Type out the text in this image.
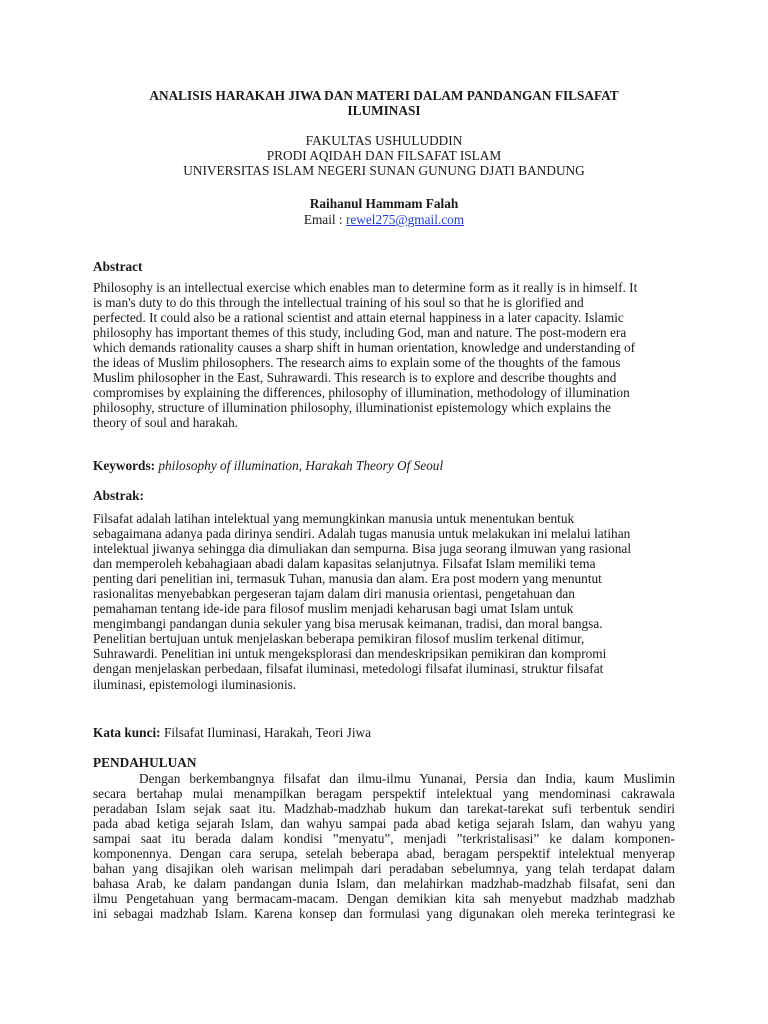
ANALISIS HARAKAH JIWA DAN MATERI DALAM PANDANGAN FILSAFAT
ILUMINASI
FAKULTAS USHULUDDIN
PRODI AQIDAH DAN FILSAFAT ISLAM
UNIVERSITAS ISLAM NEGERI SUNAN GUNUNG DJATI BANDUNG
Raihanul Hammam Falah
Email : rewel275@gmail.com
Abstract
Philosophy is an intellectual exercise which enables man to determine form as it really is in himself. It
is man's duty to do this through the intellectual training of his soul so that he is glorified and
perfected. It could also be a rational scientist and attain eternal happiness in a later capacity. Islamic
philosophy has important themes of this study, including God, man and nature. The post-modern era
which demands rationality causes a sharp shift in human orientation, knowledge and understanding of
the ideas of Muslim philosophers. The research aims to explain some of the thoughts of the famous
Muslim philosopher in the East, Suhrawardi. This research is to explore and describe thoughts and
compromises by explaining the differences, philosophy of illumination, methodology of illumination
philosophy, structure of illumination philosophy, illuminationist epistemology which explains the
theory of soul and harakah.
Keywords: philosophy of illumination, Harakah Theory Of Seoul
Abstrak:
Filsafat adalah latihan intelektual yang memungkinkan manusia untuk menentukan bentuk
sebagaimana adanya pada dirinya sendiri. Adalah tugas manusia untuk melakukan ini melalui latihan
intelektual jiwanya sehingga dia dimuliakan dan sempurna. Bisa juga seorang ilmuwan yang rasional
dan memperoleh kebahagiaan abadi dalam kapasitas selanjutnya. Filsafat Islam memiliki tema
penting dari penelitian ini, termasuk Tuhan, manusia dan alam. Era post modern yang menuntut
rasionalitas menyebabkan pergeseran tajam dalam diri manusia orientasi, pengetahuan dan
pemahaman tentang ide-ide para filosof muslim menjadi keharusan bagi umat Islam untuk
mengimbangi pandangan dunia sekuler yang bisa merusak keimanan, tradisi, dan moral bangsa.
Penelitian bertujuan untuk menjelaskan beberapa pemikiran filosof muslim terkenal ditimur,
Suhrawardi. Penelitian ini untuk mengeksplorasi dan mendeskripsikan pemikiran dan kompromi
dengan menjelaskan perbedaan, filsafat iluminasi, metedologi filsafat iluminasi, struktur filsafat
iluminasi, epistemologi iluminasionis.
Kata kunci: Filsafat Iluminasi, Harakah, Teori Jiwa
PENDAHULUAN
Dengan berkembangnya filsafat dan ilmu-ilmu Yunanai, Persia dan India, kaum Muslimin
secara bertahap mulai menampilkan beragam perspektif intelektual yang mendominasi cakrawala
peradaban Islam sejak saat itu. Madzhab-madzhab hukum dan tarekat-tarekat sufi terbentuk sendiri
pada abad ketiga sejarah Islam, dan wahyu sampai pada abad ketiga sejarah Islam, dan wahyu yang
sampai saat itu berada dalam kondisi ”menyatu”, menjadi ”terkristalisasi” ke dalam komponen-
komponennya. Dengan cara serupa, setelah beberapa abad, beragam perspektif intelektual menyerap
bahan yang disajikan oleh warisan melimpah dari peradaban sebelumnya, yang telah terdapat dalam
bahasa Arab, ke dalam pandangan dunia Islam, dan melahirkan madzhab-madzhab filsafat, seni dan
ilmu Pengetahuan yang bermacam-macam. Dengan demikian kita sah menyebut madzhab madzhab
ini sebagai madzhab Islam. Karena konsep dan formulasi yang digunakan oleh mereka terintegrasi ke
